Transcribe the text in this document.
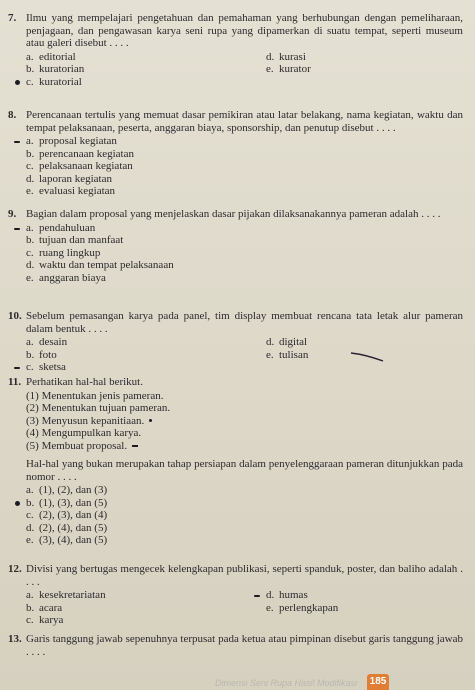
7. Ilmu yang mempelajari pengetahuan dan pemahaman yang berhubungan dengan pemeliharaan, penjagaan, dan pengawasan karya seni rupa yang dipamerkan di suatu tempat, seperti museum atau galeri disebut . . . .
a. editorial	d. kurasi
b. kuratorian	e. kurator
c. kuratorial
8. Perencanaan tertulis yang memuat dasar pemikiran atau latar belakang, nama kegiatan, waktu dan tempat pelaksanaan, peserta, anggaran biaya, sponsorship, dan penutup disebut . . . .
a. proposal kegiatan
b. perencanaan kegiatan
c. pelaksanaan kegiatan
d. laporan kegiatan
e. evaluasi kegiatan
9. Bagian dalam proposal yang menjelaskan dasar pijakan dilaksanakannya pameran adalah . . . .
a. pendahuluan
b. tujuan dan manfaat
c. ruang lingkup
d. waktu dan tempat pelaksanaan
e. anggaran biaya
10. Sebelum pemasangan karya pada panel, tim display membuat rencana tata letak alur pameran dalam bentuk . . . .
a. desain	d. digital
b. foto	e. tulisan
c. sketsa
11. Perhatikan hal-hal berikut.
(1) Menentukan jenis pameran.
(2) Menentukan tujuan pameran.
(3) Menyusun kepanitiaan.
(4) Mengumpulkan karya.
(5) Membuat proposal.
Hal-hal yang bukan merupakan tahap persiapan dalam penyelenggaraan pameran ditunjukkan pada nomor . . . .
a. (1), (2), dan (3)
b. (1), (3), dan (5)
c. (2), (3), dan (4)
d. (2), (4), dan (5)
e. (3), (4), dan (5)
12. Divisi yang bertugas mengecek kelengkapan publikasi, seperti spanduk, poster, dan baliho adalah . . . .
a. kesekretariatan	d. humas
b. acara	e. perlengkapan
c. karya
13. Garis tanggung jawab sepenuhnya terpusat pada ketua atau pimpinan disebut garis tanggung jawab . . . .
Dimensi Seni Rupa Hasil Modifikasi 185
